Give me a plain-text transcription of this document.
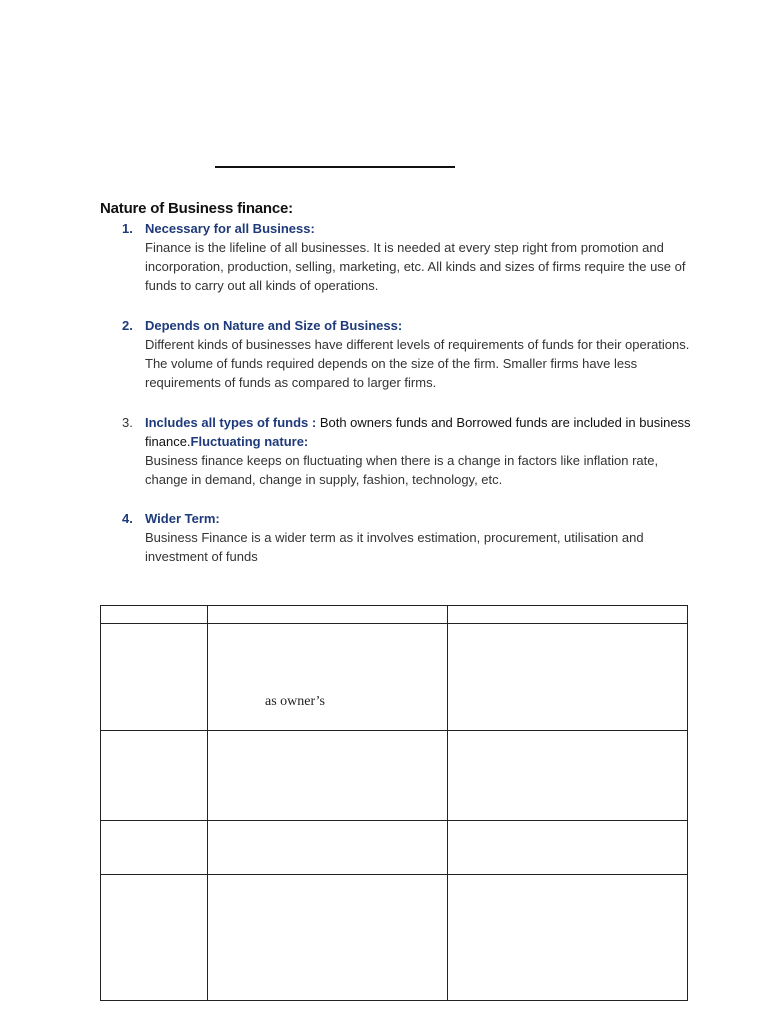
Nature of Business finance:
1. Necessary for all Business:
Finance is the lifeline of all businesses. It is needed at every step right from promotion and incorporation, production, selling, marketing, etc. All kinds and sizes of firms require the use of funds to carry out all kinds of operations.
2. Depends on Nature and Size of Business:
Different kinds of businesses have different levels of requirements of funds for their operations. The volume of funds required depends on the size of the firm. Smaller firms have less requirements of funds as compared to larger firms.
3. Includes all types of funds : Both owners funds and Borrowed funds are included in business finance.Fluctuating nature:
Business finance keeps on fluctuating when there is a change in factors like inflation rate, change in demand, change in supply, fashion, technology, etc.
4. Wider Term:
Business Finance is a wider term as it involves estimation, procurement, utilisation and investment of funds

	as owner’s	
